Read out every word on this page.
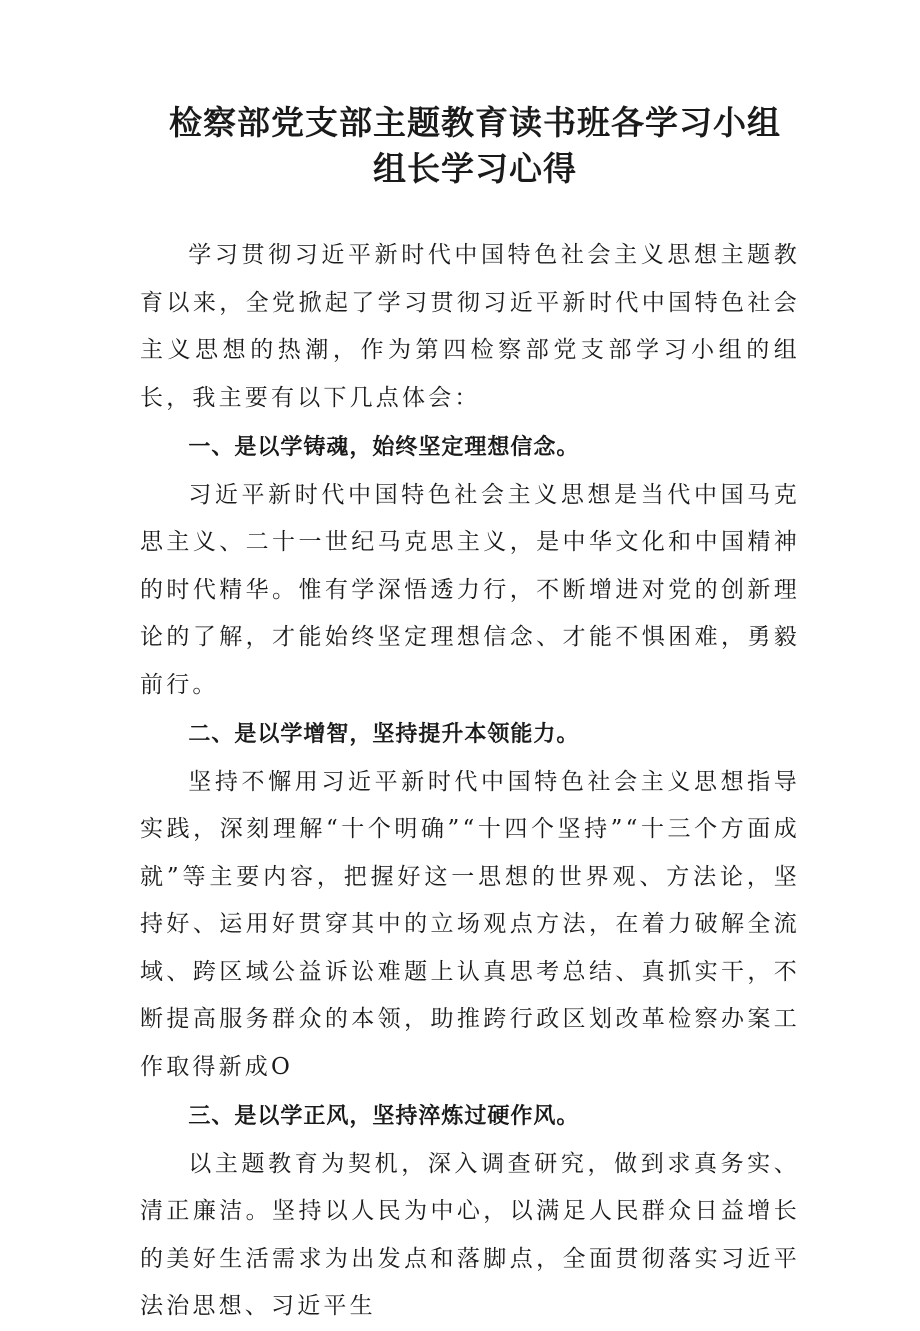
检察部党支部主题教育读书班各学习小组
组长学习心得

学习贯彻习近平新时代中国特色社会主义思想主题教育以来，全党掀起了学习贯彻习近平新时代中国特色社会主义思想的热潮，作为第四检察部党支部学习小组的组长，我主要有以下几点体会：

一、是以学铸魂，始终坚定理想信念。

习近平新时代中国特色社会主义思想是当代中国马克思主义、二十一世纪马克思主义，是中华文化和中国精神的时代精华。惟有学深悟透力行，不断增进对党的创新理论的了解，才能始终坚定理想信念、才能不惧困难，勇毅前行。

二、是以学增智，坚持提升本领能力。

坚持不懈用习近平新时代中国特色社会主义思想指导实践，深刻理解“十个明确”“十四个坚持”“十三个方面成就”等主要内容，把握好这一思想的世界观、方法论，坚持好、运用好贯穿其中的立场观点方法，在着力破解全流域、跨区域公益诉讼难题上认真思考总结、真抓实干，不断提高服务群众的本领，助推跨行政区划改革检察办案工作取得新成O

三、是以学正风，坚持淬炼过硬作风。

以主题教育为契机，深入调查研究，做到求真务实、清正廉洁。坚持以人民为中心，以满足人民群众日益增长的美好生活需求为出发点和落脚点，全面贯彻落实习近平法治思想、习近平生
